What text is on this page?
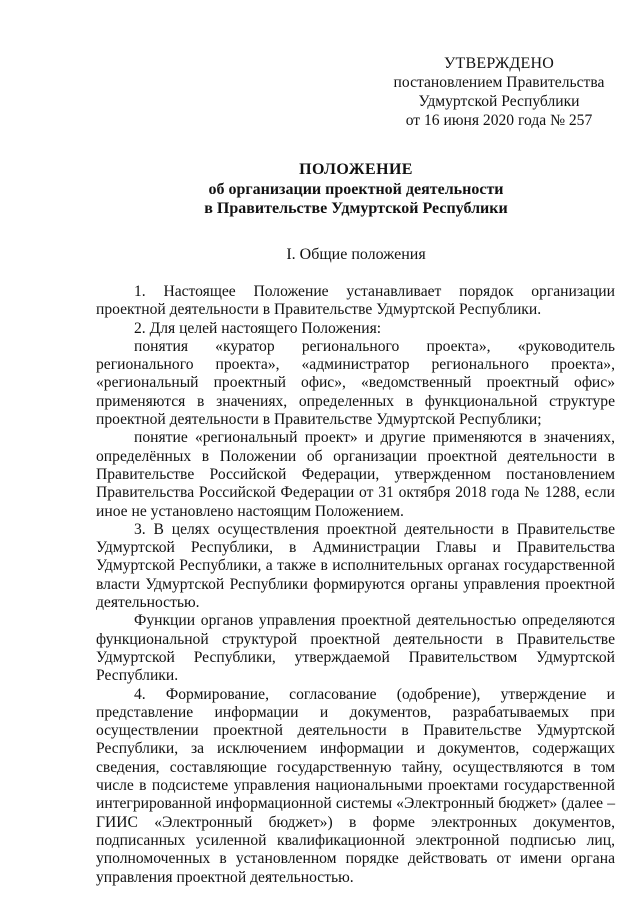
УТВЕРЖДЕНО
постановлением Правительства
Удмуртской Республики
от 16 июня 2020 года № 257
ПОЛОЖЕНИЕ
об организации проектной деятельности
в Правительстве Удмуртской Республики
I. Общие положения

1. Настоящее Положение устанавливает порядок организации проектной деятельности в Правительстве Удмуртской Республики.

2. Для целей настоящего Положения:

понятия «куратор регионального проекта», «руководитель регионального проекта», «администратор регионального проекта», «региональный проектный офис», «ведомственный проектный офис» применяются в значениях, определенных в функциональной структуре проектной деятельности в Правительстве Удмуртской Республики;

понятие «региональный проект» и другие применяются в значениях, определённых в Положении об организации проектной деятельности в Правительстве Российской Федерации, утвержденном постановлением Правительства Российской Федерации от 31 октября 2018 года № 1288, если иное не установлено настоящим Положением.

3. В целях осуществления проектной деятельности в Правительстве Удмуртской Республики, в Администрации Главы и Правительства Удмуртской Республики, а также в исполнительных органах государственной власти Удмуртской Республики формируются органы управления проектной деятельностью.

Функции органов управления проектной деятельностью определяются функциональной структурой проектной деятельности в Правительстве Удмуртской Республики, утверждаемой Правительством Удмуртской Республики.

4. Формирование, согласование (одобрение), утверждение и представление информации и документов, разрабатываемых при осуществлении проектной деятельности в Правительстве Удмуртской Республики, за исключением информации и документов, содержащих сведения, составляющие государственную тайну, осуществляются в том числе в подсистеме управления национальными проектами государственной интегрированной информационной системы «Электронный бюджет» (далее – ГИИС «Электронный бюджет») в форме электронных документов, подписанных усиленной квалификационной электронной подписью лиц, уполномоченных в установленном порядке действовать от имени органа управления проектной деятельностью.
